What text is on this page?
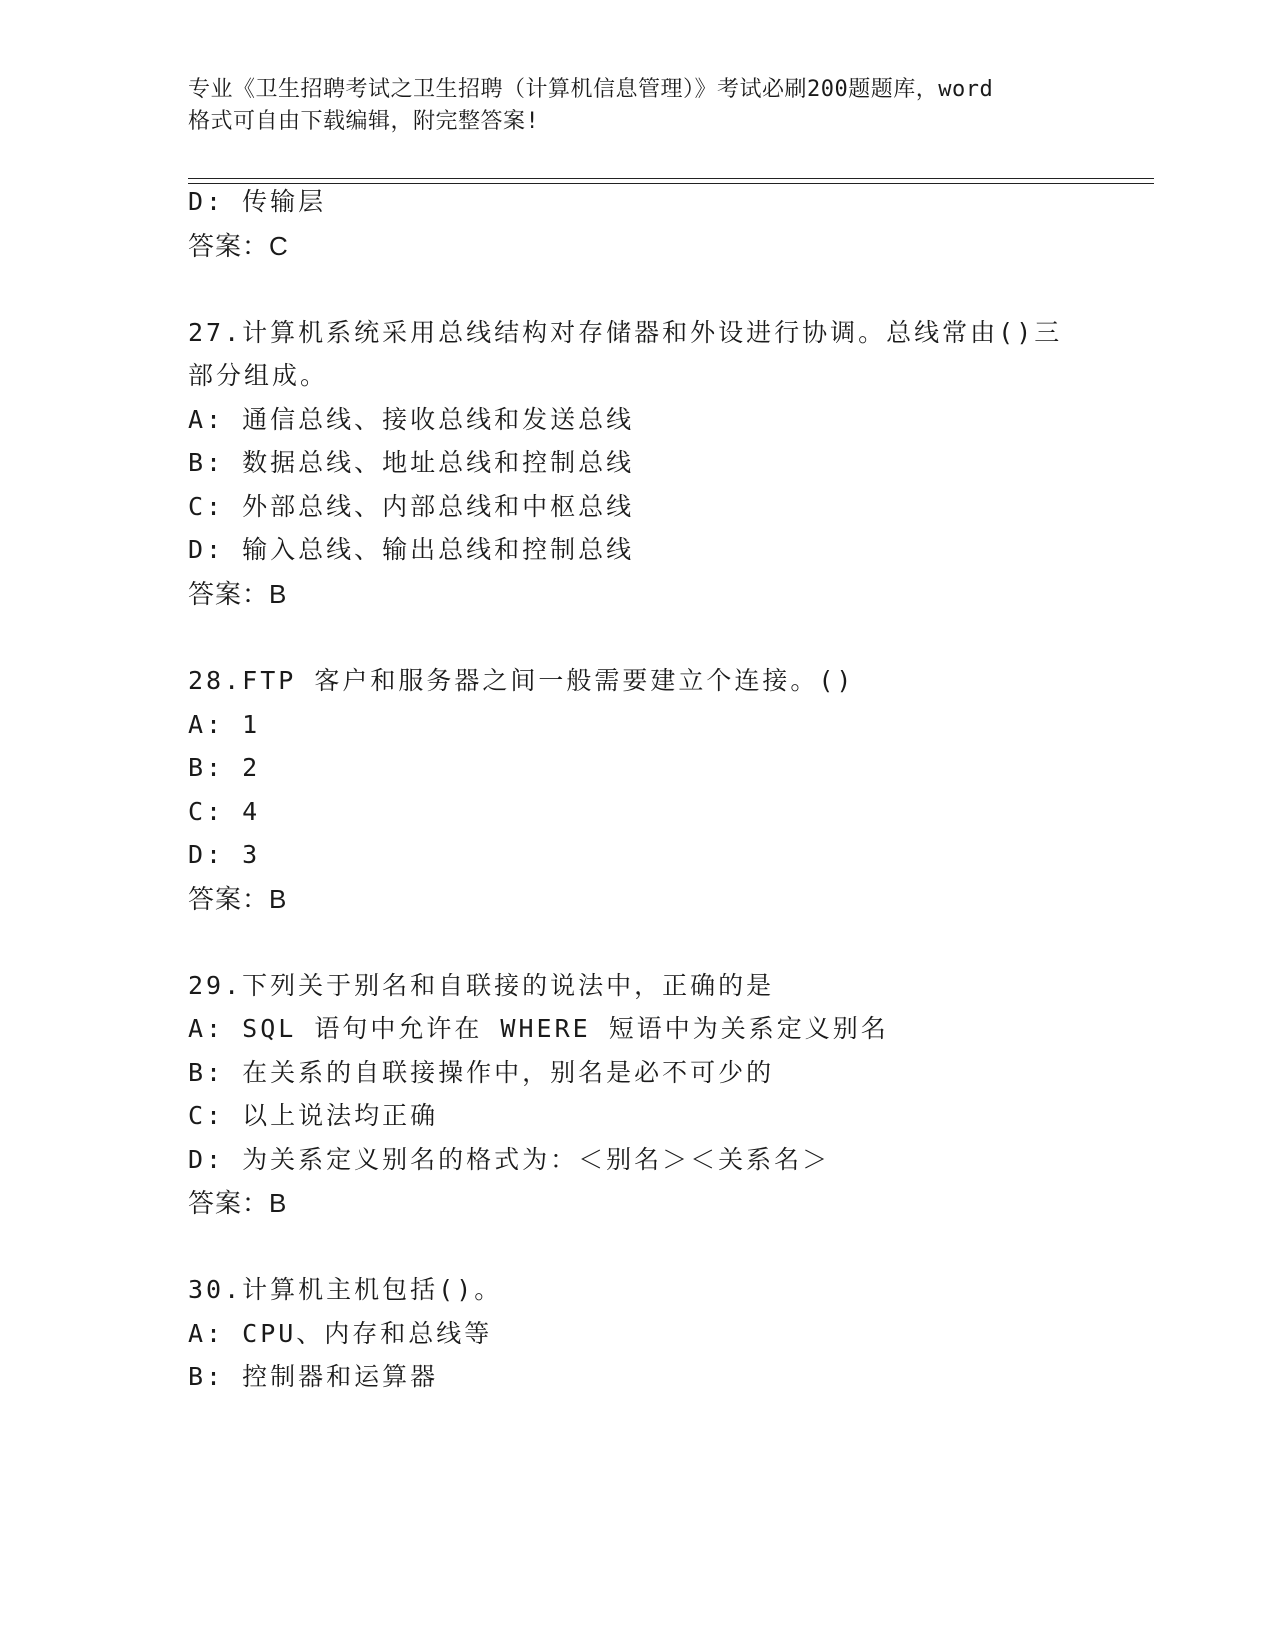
专业《卫生招聘考试之卫生招聘（计算机信息管理）》考试必刷200题题库，word
格式可自由下载编辑，附完整答案!
D: 传输层
答案：C
27.计算机系统采用总线结构对存储器和外设进行协调。总线常由()三
部分组成。
A: 通信总线、接收总线和发送总线
B: 数据总线、地址总线和控制总线
C: 外部总线、内部总线和中枢总线
D: 输入总线、输出总线和控制总线
答案：B
28.FTP 客户和服务器之间一般需要建立个连接。()
A: 1
B: 2
C: 4
D: 3
答案：B
29.下列关于别名和自联接的说法中，正确的是
A: SQL 语句中允许在 WHERE 短语中为关系定义别名
B: 在关系的自联接操作中，别名是必不可少的
C: 以上说法均正确
D: 为关系定义别名的格式为：＜别名＞＜关系名＞
答案：B
30.计算机主机包括()。
A: CPU、内存和总线等
B: 控制器和运算器
